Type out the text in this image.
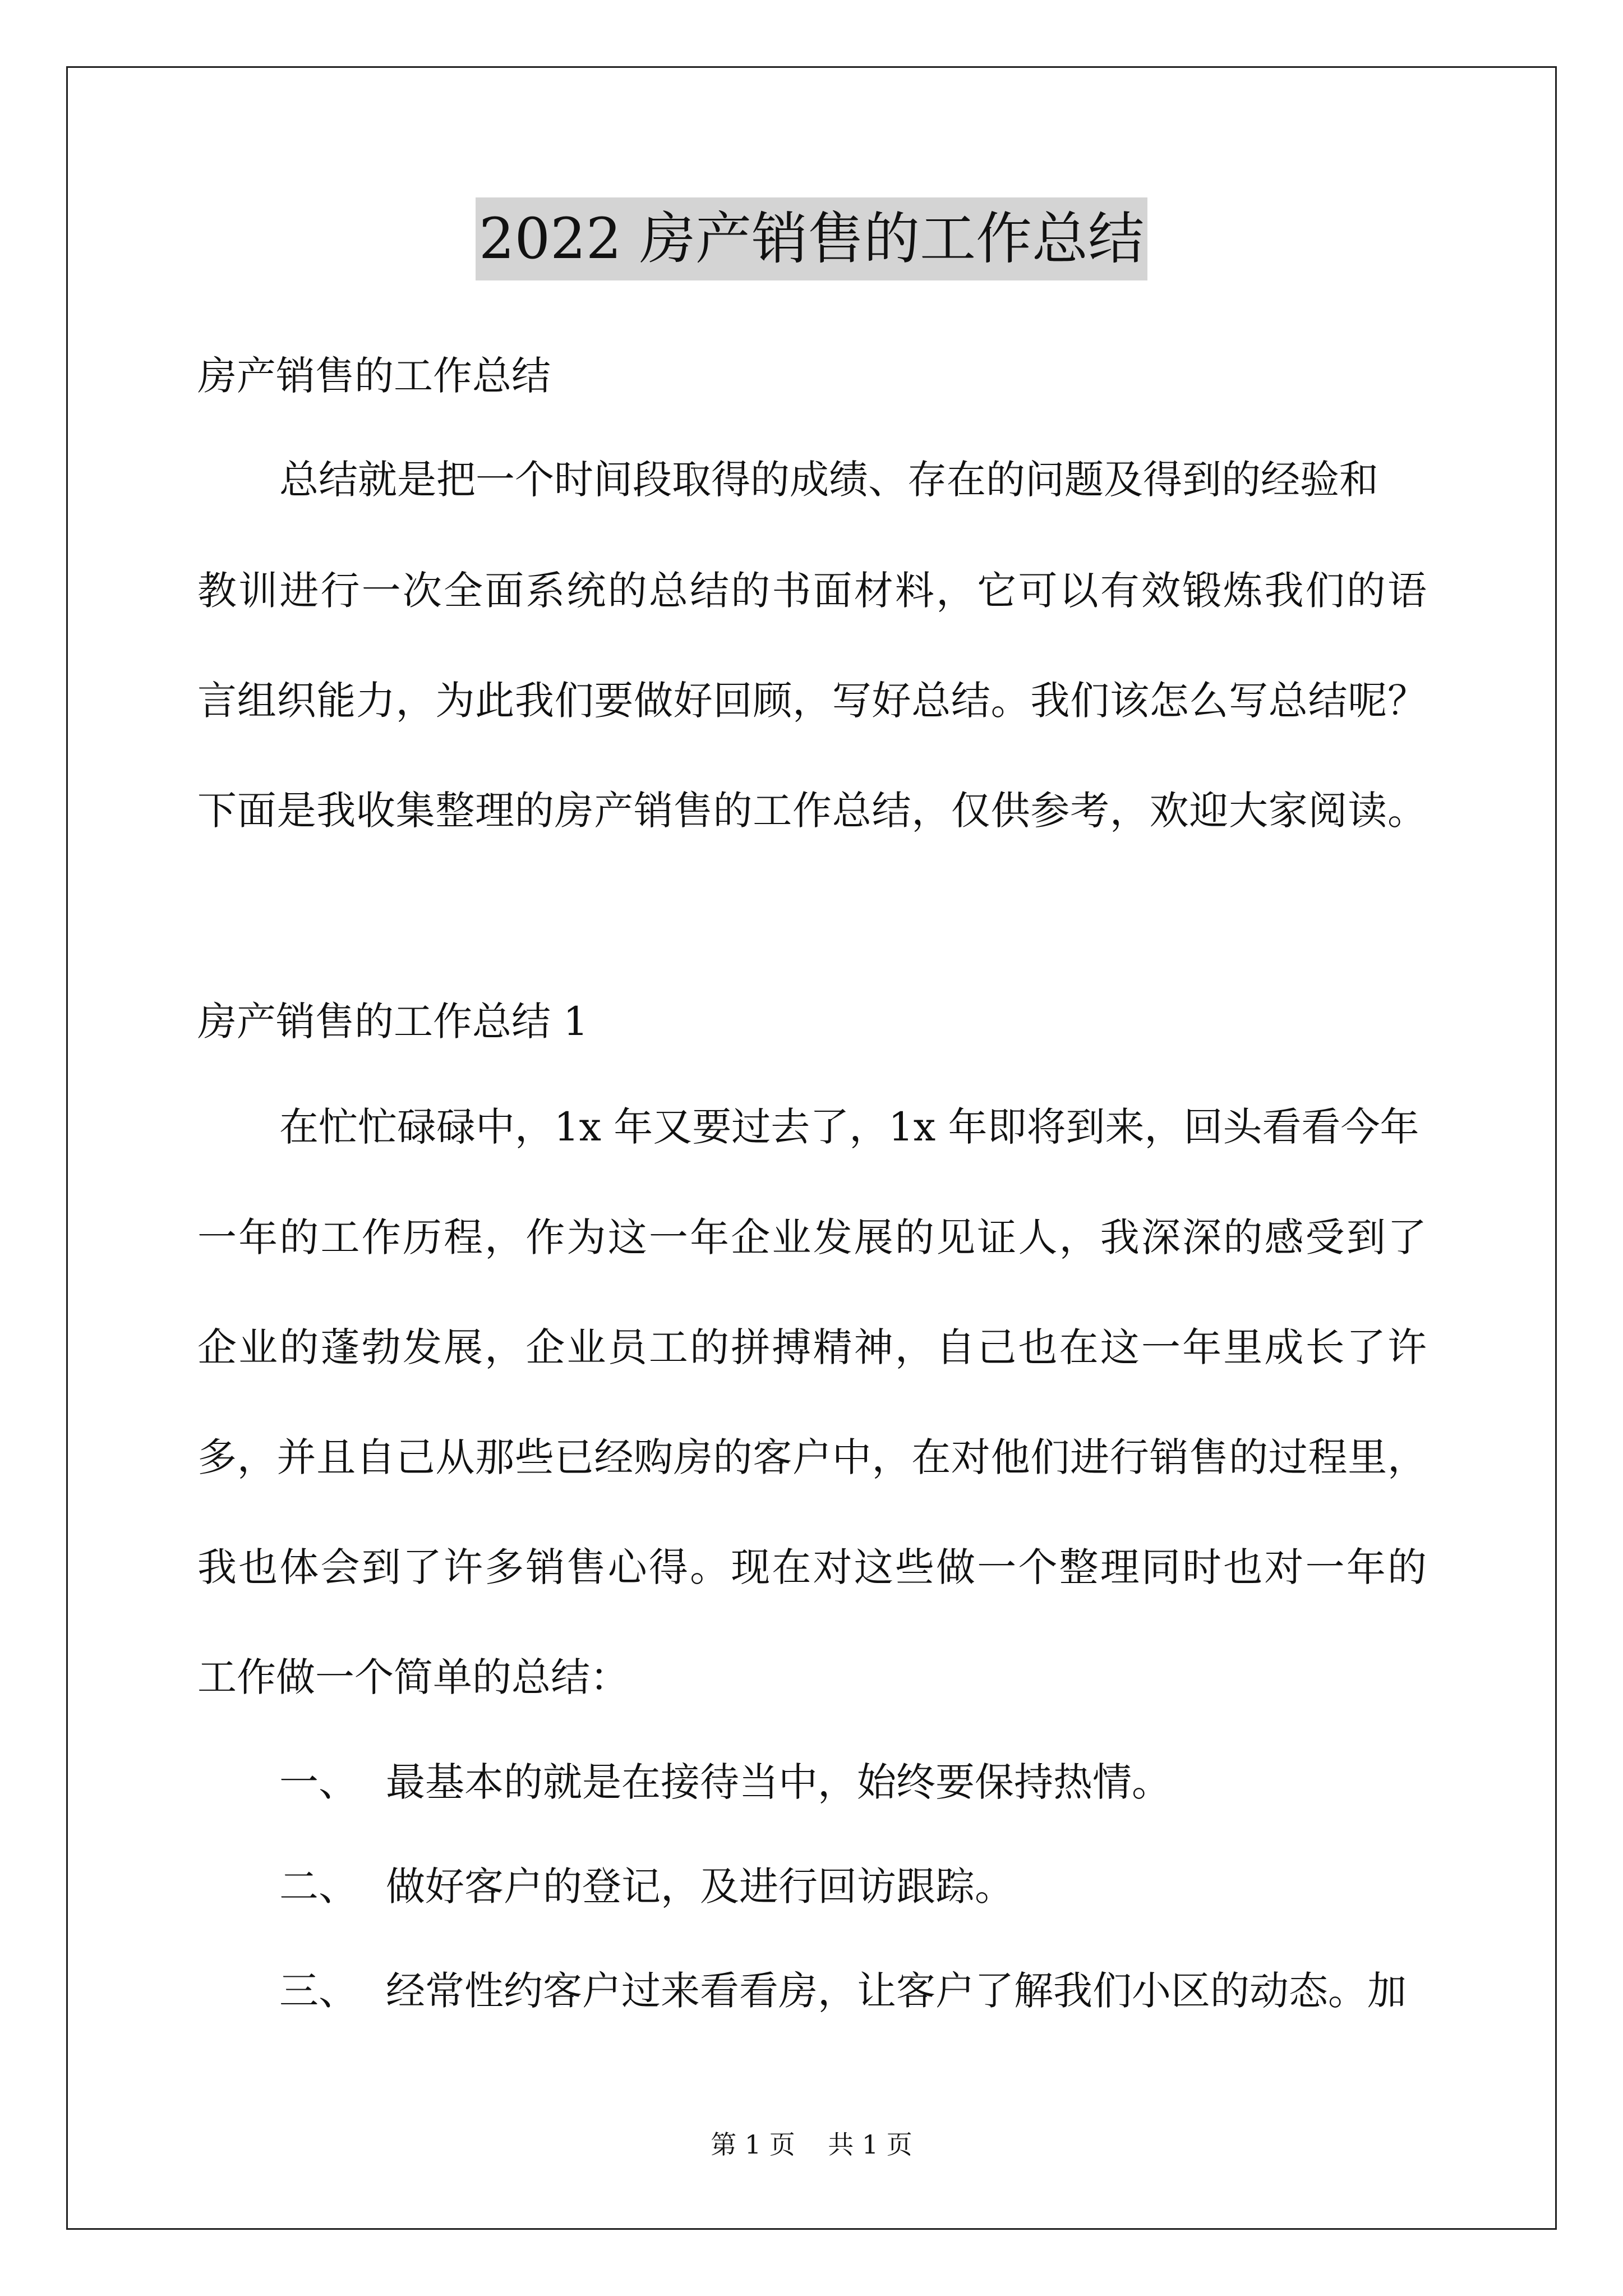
2022 房产销售的工作总结
房产销售的工作总结
总结就是把一个时间段取得的成绩、存在的问题及得到的经验和
教训进行一次全面系统的总结的书面材料，它可以有效锻炼我们的语
言组织能力，为此我们要做好回顾，写好总结。我们该怎么写总结呢？
下面是我收集整理的房产销售的工作总结，仅供参考，欢迎大家阅读。
房产销售的工作总结 1
在忙忙碌碌中，1x 年又要过去了，1x 年即将到来，回头看看今年
一年的工作历程，作为这一年企业发展的见证人，我深深的感受到了
企业的蓬勃发展，企业员工的拼搏精神，自己也在这一年里成长了许
多，并且自己从那些已经购房的客户中，在对他们进行销售的过程里，
我也体会到了许多销售心得。现在对这些做一个整理同时也对一年的
工作做一个简单的总结：
一、 最基本的就是在接待当中，始终要保持热情。
二、 做好客户的登记，及进行回访跟踪。
三、 经常性约客户过来看看房，让客户了解我们小区的动态。加
第 1 页    共 1 页
